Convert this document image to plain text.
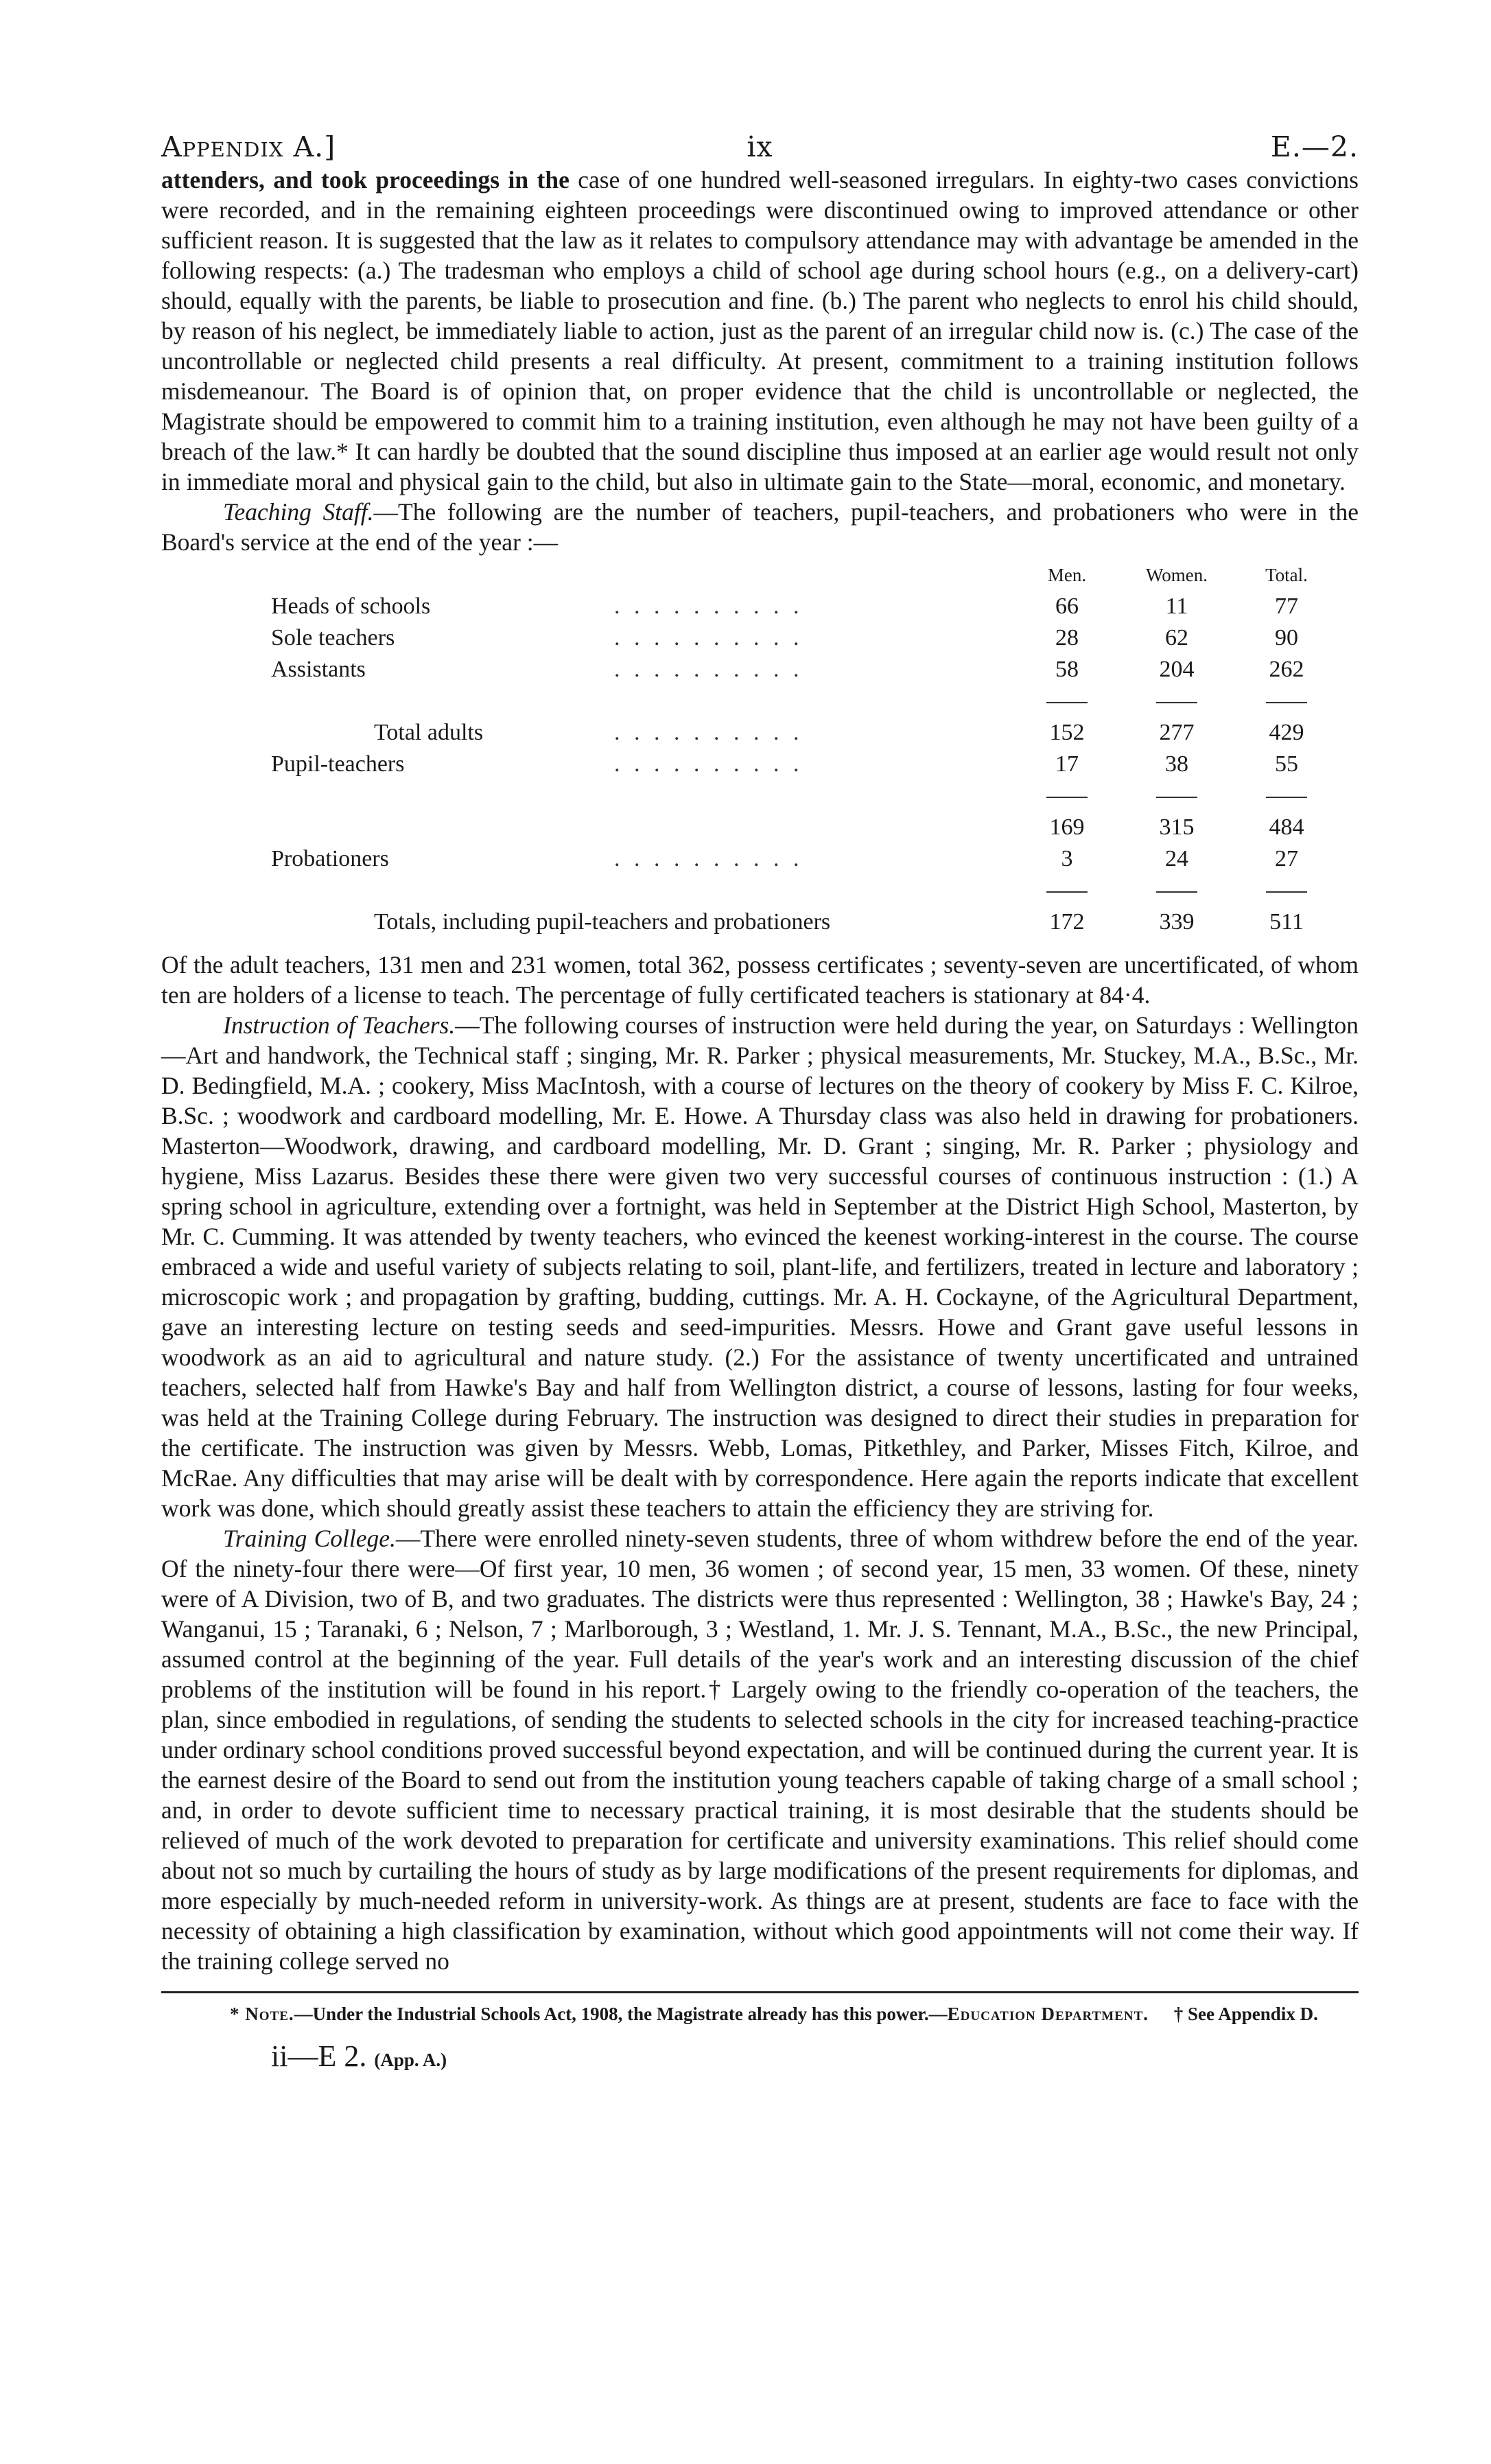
Appendix A.]	ix	E.—2.

attenders, and took proceedings in the case of one hundred well-seasoned irregulars. In eighty-two cases convictions were recorded, and in the remaining eighteen proceedings were discontinued owing to improved attendance or other sufficient reason. It is suggested that the law as it relates to compulsory attendance may with advantage be amended in the following respects: (a.) The tradesman who employs a child of school age during school hours (e.g., on a delivery-cart) should, equally with the parents, be liable to prosecution and fine. (b.) The parent who neglects to enrol his child should, by reason of his neglect, be immediately liable to action, just as the parent of an irregular child now is. (c.) The case of the uncontrollable or neglected child presents a real difficulty. At present, commitment to a training institution follows misdemeanour. The Board is of opinion that, on proper evidence that the child is uncontrollable or neglected, the Magistrate should be empowered to commit him to a training institution, even although he may not have been guilty of a breach of the law.* It can hardly be doubted that the sound discipline thus imposed at an earlier age would result not only in immediate moral and physical gain to the child, but also in ultimate gain to the State—moral, economic, and monetary.

Teaching Staff.—The following are the number of teachers, pupil-teachers, and probationers who were in the Board's service at the end of the year :—

		Men.	Women.	Total.
Heads of schools	. . . . . . . . . .	66	11	77
Sole teachers	. . . . . . . . . .	28	62	90
Assistants	. . . . . . . . . .	58	204	262

Total adults	. . . . . . . . . .	152	277	429
Pupil-teachers	. . . . . . . . . .	17	38	55

		169	315	484
Probationers	. . . . . . . . . .	3	24	27

Totals, including pupil-teachers and probationers		172	339	511

Of the adult teachers, 131 men and 231 women, total 362, possess certificates ; seventy-seven are uncertificated, of whom ten are holders of a license to teach. The percentage of fully certificated teachers is stationary at 84·4.

Instruction of Teachers.—The following courses of instruction were held during the year, on Saturdays : Wellington—Art and handwork, the Technical staff ; singing, Mr. R. Parker ; physical measurements, Mr. Stuckey, M.A., B.Sc., Mr. D. Bedingfield, M.A. ; cookery, Miss MacIntosh, with a course of lectures on the theory of cookery by Miss F. C. Kilroe, B.Sc. ; woodwork and cardboard modelling, Mr. E. Howe. A Thursday class was also held in drawing for probationers. Masterton—Woodwork, drawing, and cardboard modelling, Mr. D. Grant ; singing, Mr. R. Parker ; physiology and hygiene, Miss Lazarus. Besides these there were given two very successful courses of continuous instruction : (1.) A spring school in agriculture, extending over a fortnight, was held in September at the District High School, Masterton, by Mr. C. Cumming. It was attended by twenty teachers, who evinced the keenest working-interest in the course. The course embraced a wide and useful variety of subjects relating to soil, plant-life, and fertilizers, treated in lecture and laboratory ; microscopic work ; and propagation by grafting, budding, cuttings. Mr. A. H. Cockayne, of the Agricultural Department, gave an interesting lecture on testing seeds and seed-impurities. Messrs. Howe and Grant gave useful lessons in woodwork as an aid to agricultural and nature study. (2.) For the assistance of twenty uncertificated and untrained teachers, selected half from Hawke's Bay and half from Wellington district, a course of lessons, lasting for four weeks, was held at the Training College during February. The instruction was designed to direct their studies in preparation for the certificate. The instruction was given by Messrs. Webb, Lomas, Pitkethley, and Parker, Misses Fitch, Kilroe, and McRae. Any difficulties that may arise will be dealt with by correspondence. Here again the reports indicate that excellent work was done, which should greatly assist these teachers to attain the efficiency they are striving for.

Training College.—There were enrolled ninety-seven students, three of whom withdrew before the end of the year. Of the ninety-four there were—Of first year, 10 men, 36 women ; of second year, 15 men, 33 women. Of these, ninety were of A Division, two of B, and two graduates. The districts were thus represented : Wellington, 38 ; Hawke's Bay, 24 ; Wanganui, 15 ; Taranaki, 6 ; Nelson, 7 ; Marlborough, 3 ; Westland, 1. Mr. J. S. Tennant, M.A., B.Sc., the new Principal, assumed control at the beginning of the year. Full details of the year's work and an interesting discussion of the chief problems of the institution will be found in his report.† Largely owing to the friendly co-operation of the teachers, the plan, since embodied in regulations, of sending the students to selected schools in the city for increased teaching-practice under ordinary school conditions proved successful beyond expectation, and will be continued during the current year. It is the earnest desire of the Board to send out from the institution young teachers capable of taking charge of a small school ; and, in order to devote sufficient time to necessary practical training, it is most desirable that the students should be relieved of much of the work devoted to preparation for certificate and university examinations. This relief should come about not so much by curtailing the hours of study as by large modifications of the present requirements for diplomas, and more especially by much-needed reform in university-work. As things are at present, students are face to face with the necessity of obtaining a high classification by examination, without which good appointments will not come their way. If the training college served no

* Note.—Under the Industrial Schools Act, 1908, the Magistrate already has this power.—Education Department. † See Appendix D.
ii—E 2. (App. A.)
